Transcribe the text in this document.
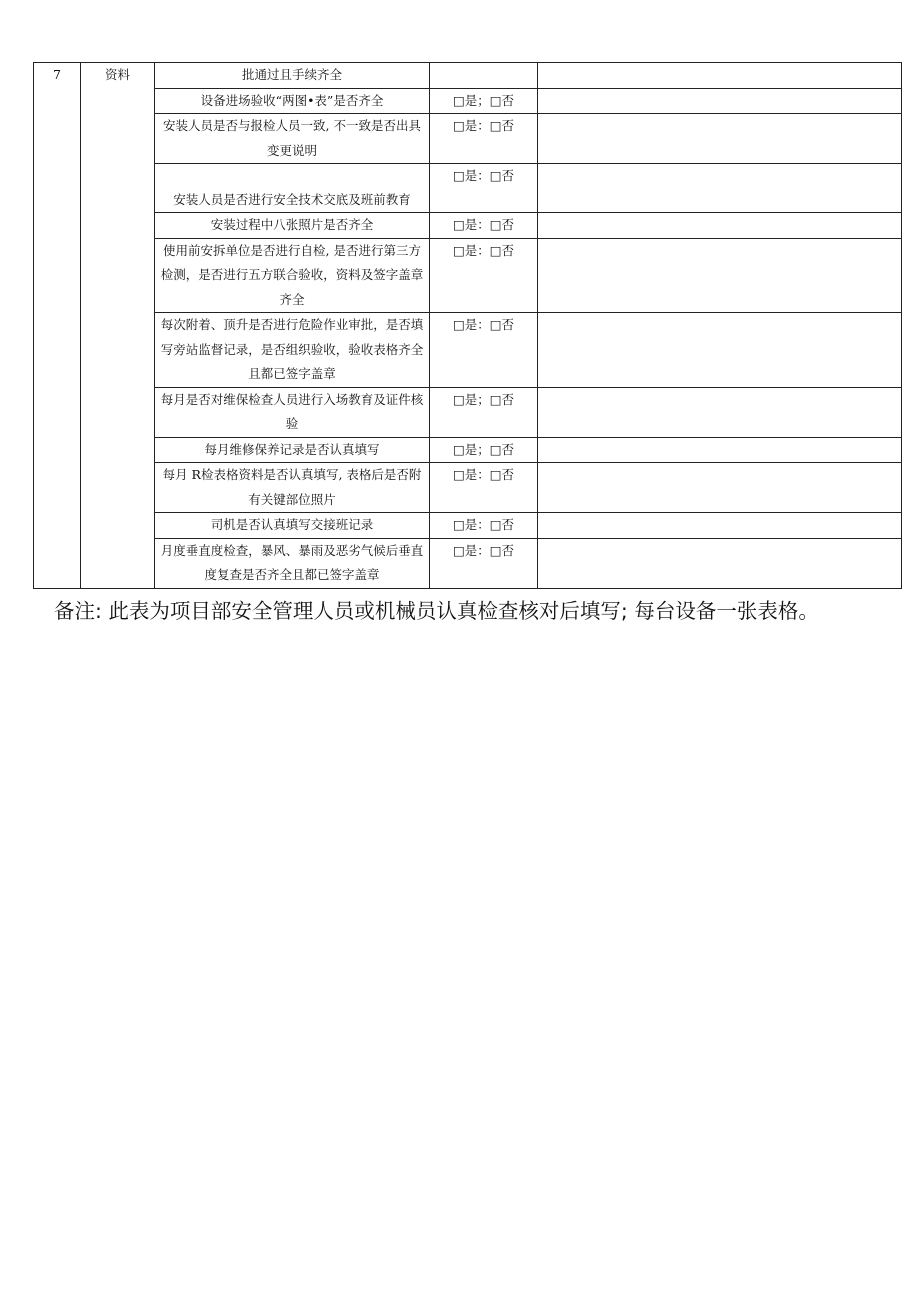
7	资料	批通过且手续齐全		
		设备进场验收“两图•表”是否齐全	□是；□否	
		安装人员是否与报检人员一致, 不一致是否出具变更说明	□是：□否	
		安装人员是否进行安全技术交底及班前教育	□是：□否	
		安装过程中八张照片是否齐全	□是：□否	
		使用前安拆单位是否进行自检, 是否进行第三方检测，是否进行五方联合验收，资料及签字盖章齐全	□是：□否	
		每次附着、顶升是否进行危险作业审批，是否填写旁站监督记录，是否组织验收，验收表格齐全且都已签字盖章	□是：□否	
		每月是否对维保检查人员进行入场教育及证件核验	□是；□否	
		每月维修保养记录是否认真填写	□是；□否	
		每月 R检表格资料是否认真填写, 表格后是否附有关键部位照片	□是：□否	
		司机是否认真填写交接班记录	□是：□否	
		月度垂直度检查，暴风、暴雨及恶劣气候后垂直度复查是否齐全且都已签字盖章	□是：□否	
备注: 此表为项目部安全管理人员或机械员认真检查核对后填写; 每台设备一张表格。
